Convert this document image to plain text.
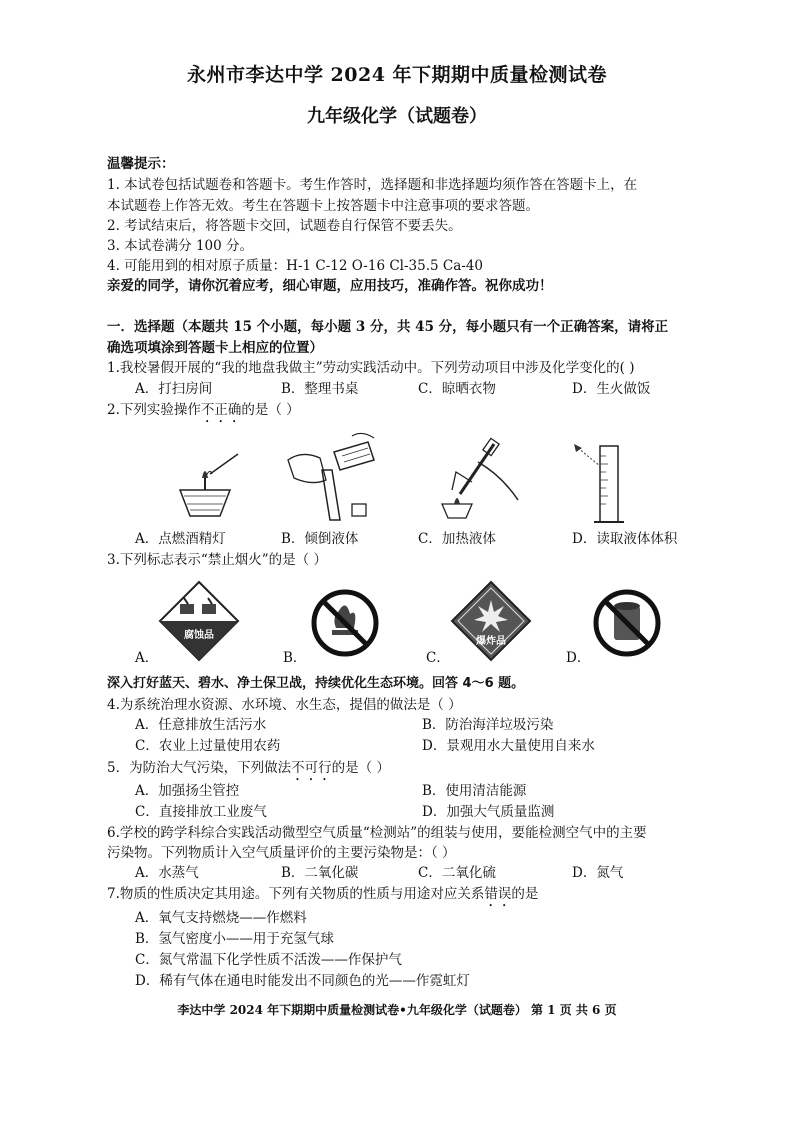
永州市李达中学 2024 年下期期中质量检测试卷
九年级化学（试题卷）
温馨提示：
1. 本试卷包括试题卷和答题卡。考生作答时，选择题和非选择题均须作答在答题卡上，在
本试题卷上作答无效。考生在答题卡上按答题卡中注意事项的要求答题。
2. 考试结束后，将答题卡交回，试题卷自行保管不要丢失。
3. 本试卷满分 100 分。
4. 可能用到的相对原子质量：H-1 C-12 O-16 Cl-35.5 Ca-40
亲爱的同学，请你沉着应考，细心审题，应用技巧，准确作答。祝你成功！
一．选择题（本题共 15 个小题，每小题 3 分，共 45 分，每小题只有一个正确答案，请将正
确选项填涂到答题卡上相应的位置）
1.我校暑假开展的“我的地盘我做主”劳动实践活动中。下列劳动项目中涉及化学变化的( )
A．打扫房间	B．整理书桌	C．晾晒衣物	D．生火做饭
2.下列实验操作不正确的是（ ）
A．点燃酒精灯	B．倾倒液体	C．加热液体	D．读取液体体积
3.下列标志表示“禁止烟火”的是（ ）
腐蚀品
爆炸品
A．	B．	C．	D．
深入打好蓝天、碧水、净土保卫战，持续优化生态环境。回答 4～6 题。
4.为系统治理水资源、水环境、水生态，提倡的做法是（ ）
A．任意排放生活污水	B．防治海洋垃圾污染
C．农业上过量使用农药	D．景观用水大量使用自来水
5．为防治大气污染，下列做法不可行的是（ ）
A．加强扬尘管控	B．使用清洁能源
C．直接排放工业废气	D．加强大气质量监测
6.学校的跨学科综合实践活动微型空气质量“检测站”的组装与使用，要能检测空气中的主要
污染物。下列物质计入空气质量评价的主要污染物是：（ ）
A．水蒸气	B．二氧化碳	C．二氧化硫	D．氮气
7.物质的性质决定其用途。下列有关物质的性质与用途对应关系错误的是
A．氧气支持燃烧——作燃料
B．氢气密度小——用于充氢气球
C．氮气常温下化学性质不活泼——作保护气
D．稀有气体在通电时能发出不同颜色的光——作霓虹灯
李达中学 2024 年下期期中质量检测试卷•九年级化学（试题卷） 第 1 页 共 6 页
